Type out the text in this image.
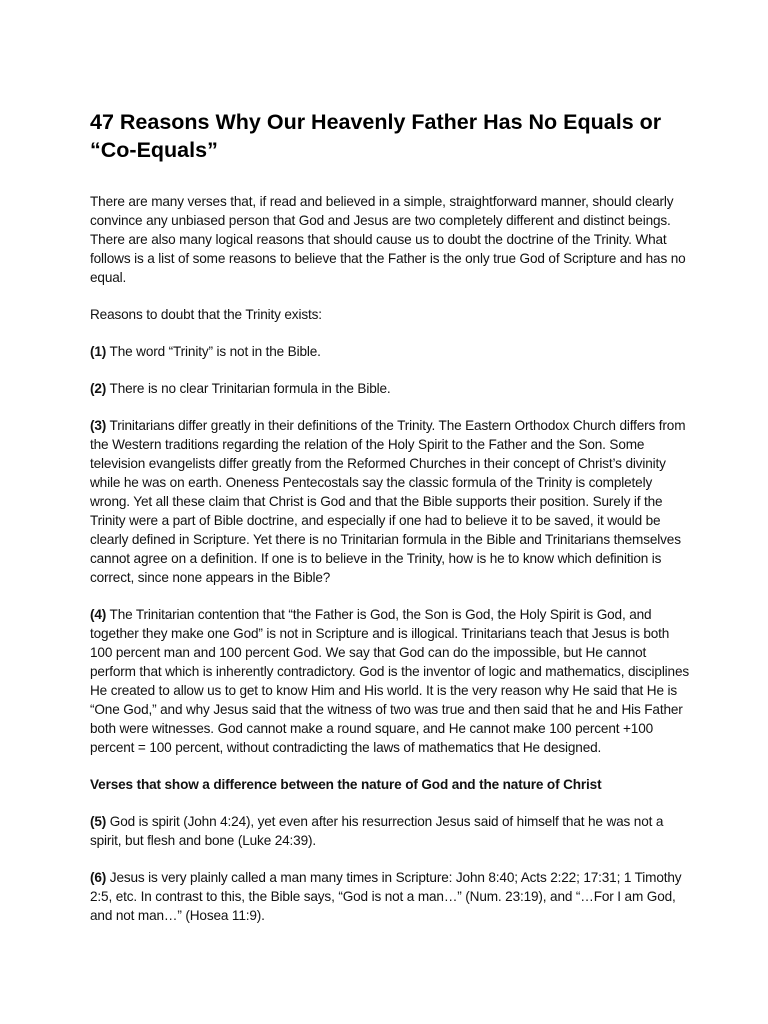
47 Reasons Why Our Heavenly Father Has No Equals or “Co-Equals”

There are many verses that, if read and believed in a simple, straightforward manner, should clearly convince any unbiased person that God and Jesus are two completely different and distinct beings. There are also many logical reasons that should cause us to doubt the doctrine of the Trinity. What follows is a list of some reasons to believe that the Father is the only true God of Scripture and has no equal.

Reasons to doubt that the Trinity exists:

(1) The word “Trinity” is not in the Bible.

(2) There is no clear Trinitarian formula in the Bible.

(3) Trinitarians differ greatly in their definitions of the Trinity. The Eastern Orthodox Church differs from the Western traditions regarding the relation of the Holy Spirit to the Father and the Son. Some television evangelists differ greatly from the Reformed Churches in their concept of Christ’s divinity while he was on earth. Oneness Pentecostals say the classic formula of the Trinity is completely wrong. Yet all these claim that Christ is God and that the Bible supports their position. Surely if the Trinity were a part of Bible doctrine, and especially if one had to believe it to be saved, it would be clearly defined in Scripture. Yet there is no Trinitarian formula in the Bible and Trinitarians themselves cannot agree on a definition. If one is to believe in the Trinity, how is he to know which definition is correct, since none appears in the Bible?

(4) The Trinitarian contention that “the Father is God, the Son is God, the Holy Spirit is God, and together they make one God” is not in Scripture and is illogical. Trinitarians teach that Jesus is both 100 percent man and 100 percent God. We say that God can do the impossible, but He cannot perform that which is inherently contradictory. God is the inventor of logic and mathematics, disciplines He created to allow us to get to know Him and His world. It is the very reason why He said that He is “One God,” and why Jesus said that the witness of two was true and then said that he and His Father both were witnesses. God cannot make a round square, and He cannot make 100 percent +100 percent = 100 percent, without contradicting the laws of mathematics that He designed.

Verses that show a difference between the nature of God and the nature of Christ

(5) God is spirit (John 4:24), yet even after his resurrection Jesus said of himself that he was not a spirit, but flesh and bone (Luke 24:39).

(6) Jesus is very plainly called a man many times in Scripture: John 8:40; Acts 2:22; 17:31; 1 Timothy 2:5, etc. In contrast to this, the Bible says, “God is not a man…” (Num. 23:19), and “…For I am God, and not man…” (Hosea 11:9).
